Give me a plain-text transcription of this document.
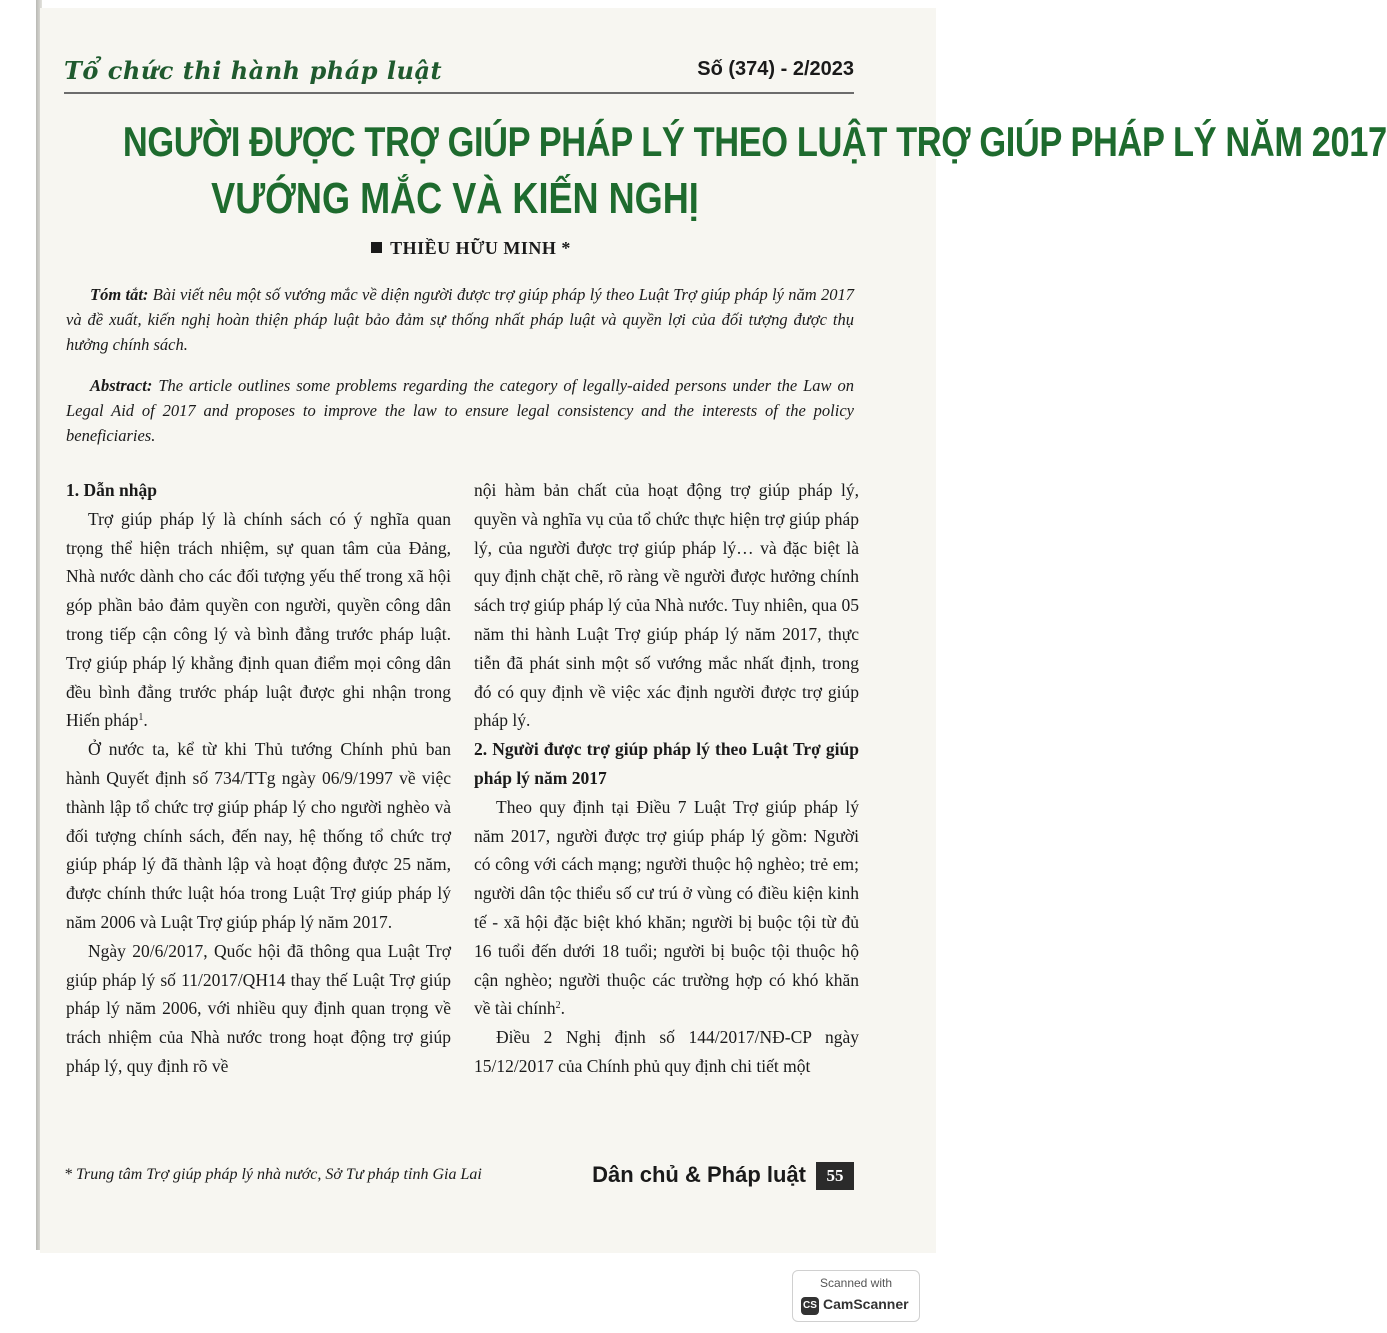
Tổ chức thi hành pháp luật	Số (374) - 2/2023
NGƯỜI ĐƯỢC TRỢ GIÚP PHÁP LÝ THEO LUẬT TRỢ GIÚP PHÁP LÝ NĂM 2017
VƯỚNG MẮC VÀ KIẾN NGHỊ
THIỀU HỮU MINH *
Tóm tắt: Bài viết nêu một số vướng mắc về diện người được trợ giúp pháp lý theo Luật Trợ giúp pháp lý năm 2017 và đề xuất, kiến nghị hoàn thiện pháp luật bảo đảm sự thống nhất pháp luật và quyền lợi của đối tượng được thụ hưởng chính sách.
Abstract: The article outlines some problems regarding the category of legally-aided persons under the Law on Legal Aid of 2017 and proposes to improve the law to ensure legal consistency and the interests of the policy beneficiaries.
1. Dẫn nhập

Trợ giúp pháp lý là chính sách có ý nghĩa quan trọng thể hiện trách nhiệm, sự quan tâm của Đảng, Nhà nước dành cho các đối tượng yếu thế trong xã hội góp phần bảo đảm quyền con người, quyền công dân trong tiếp cận công lý và bình đẳng trước pháp luật. Trợ giúp pháp lý khẳng định quan điểm mọi công dân đều bình đẳng trước pháp luật được ghi nhận trong Hiến pháp$^1$.

Ở nước ta, kể từ khi Thủ tướng Chính phủ ban hành Quyết định số 734/TTg ngày 06/9/1997 về việc thành lập tổ chức trợ giúp pháp lý cho người nghèo và đối tượng chính sách, đến nay, hệ thống tổ chức trợ giúp pháp lý đã thành lập và hoạt động được 25 năm, được chính thức luật hóa trong Luật Trợ giúp pháp lý năm 2006 và Luật Trợ giúp pháp lý năm 2017.

Ngày 20/6/2017, Quốc hội đã thông qua Luật Trợ giúp pháp lý số 11/2017/QH14 thay thế Luật Trợ giúp pháp lý năm 2006, với nhiều quy định quan trọng về trách nhiệm của Nhà nước trong hoạt động trợ giúp pháp lý, quy định rõ về

nội hàm bản chất của hoạt động trợ giúp pháp lý, quyền và nghĩa vụ của tổ chức thực hiện trợ giúp pháp lý, của người được trợ giúp pháp lý… và đặc biệt là quy định chặt chẽ, rõ ràng về người được hưởng chính sách trợ giúp pháp lý của Nhà nước. Tuy nhiên, qua 05 năm thi hành Luật Trợ giúp pháp lý năm 2017, thực tiễn đã phát sinh một số vướng mắc nhất định, trong đó có quy định về việc xác định người được trợ giúp pháp lý.

2. Người được trợ giúp pháp lý theo Luật Trợ giúp pháp lý năm 2017

Theo quy định tại Điều 7 Luật Trợ giúp pháp lý năm 2017, người được trợ giúp pháp lý gồm: Người có công với cách mạng; người thuộc hộ nghèo; trẻ em; người dân tộc thiểu số cư trú ở vùng có điều kiện kinh tế - xã hội đặc biệt khó khăn; người bị buộc tội từ đủ 16 tuổi đến dưới 18 tuổi; người bị buộc tội thuộc hộ cận nghèo; người thuộc các trường hợp có khó khăn về tài chính$^2$.

Điều 2 Nghị định số 144/2017/NĐ-CP ngày 15/12/2017 của Chính phủ quy định chi tiết một

* Trung tâm Trợ giúp pháp lý nhà nước, Sở Tư pháp tỉnh Gia Lai	Dân chủ & Pháp luật	55
Scanned with
CS CamScanner
